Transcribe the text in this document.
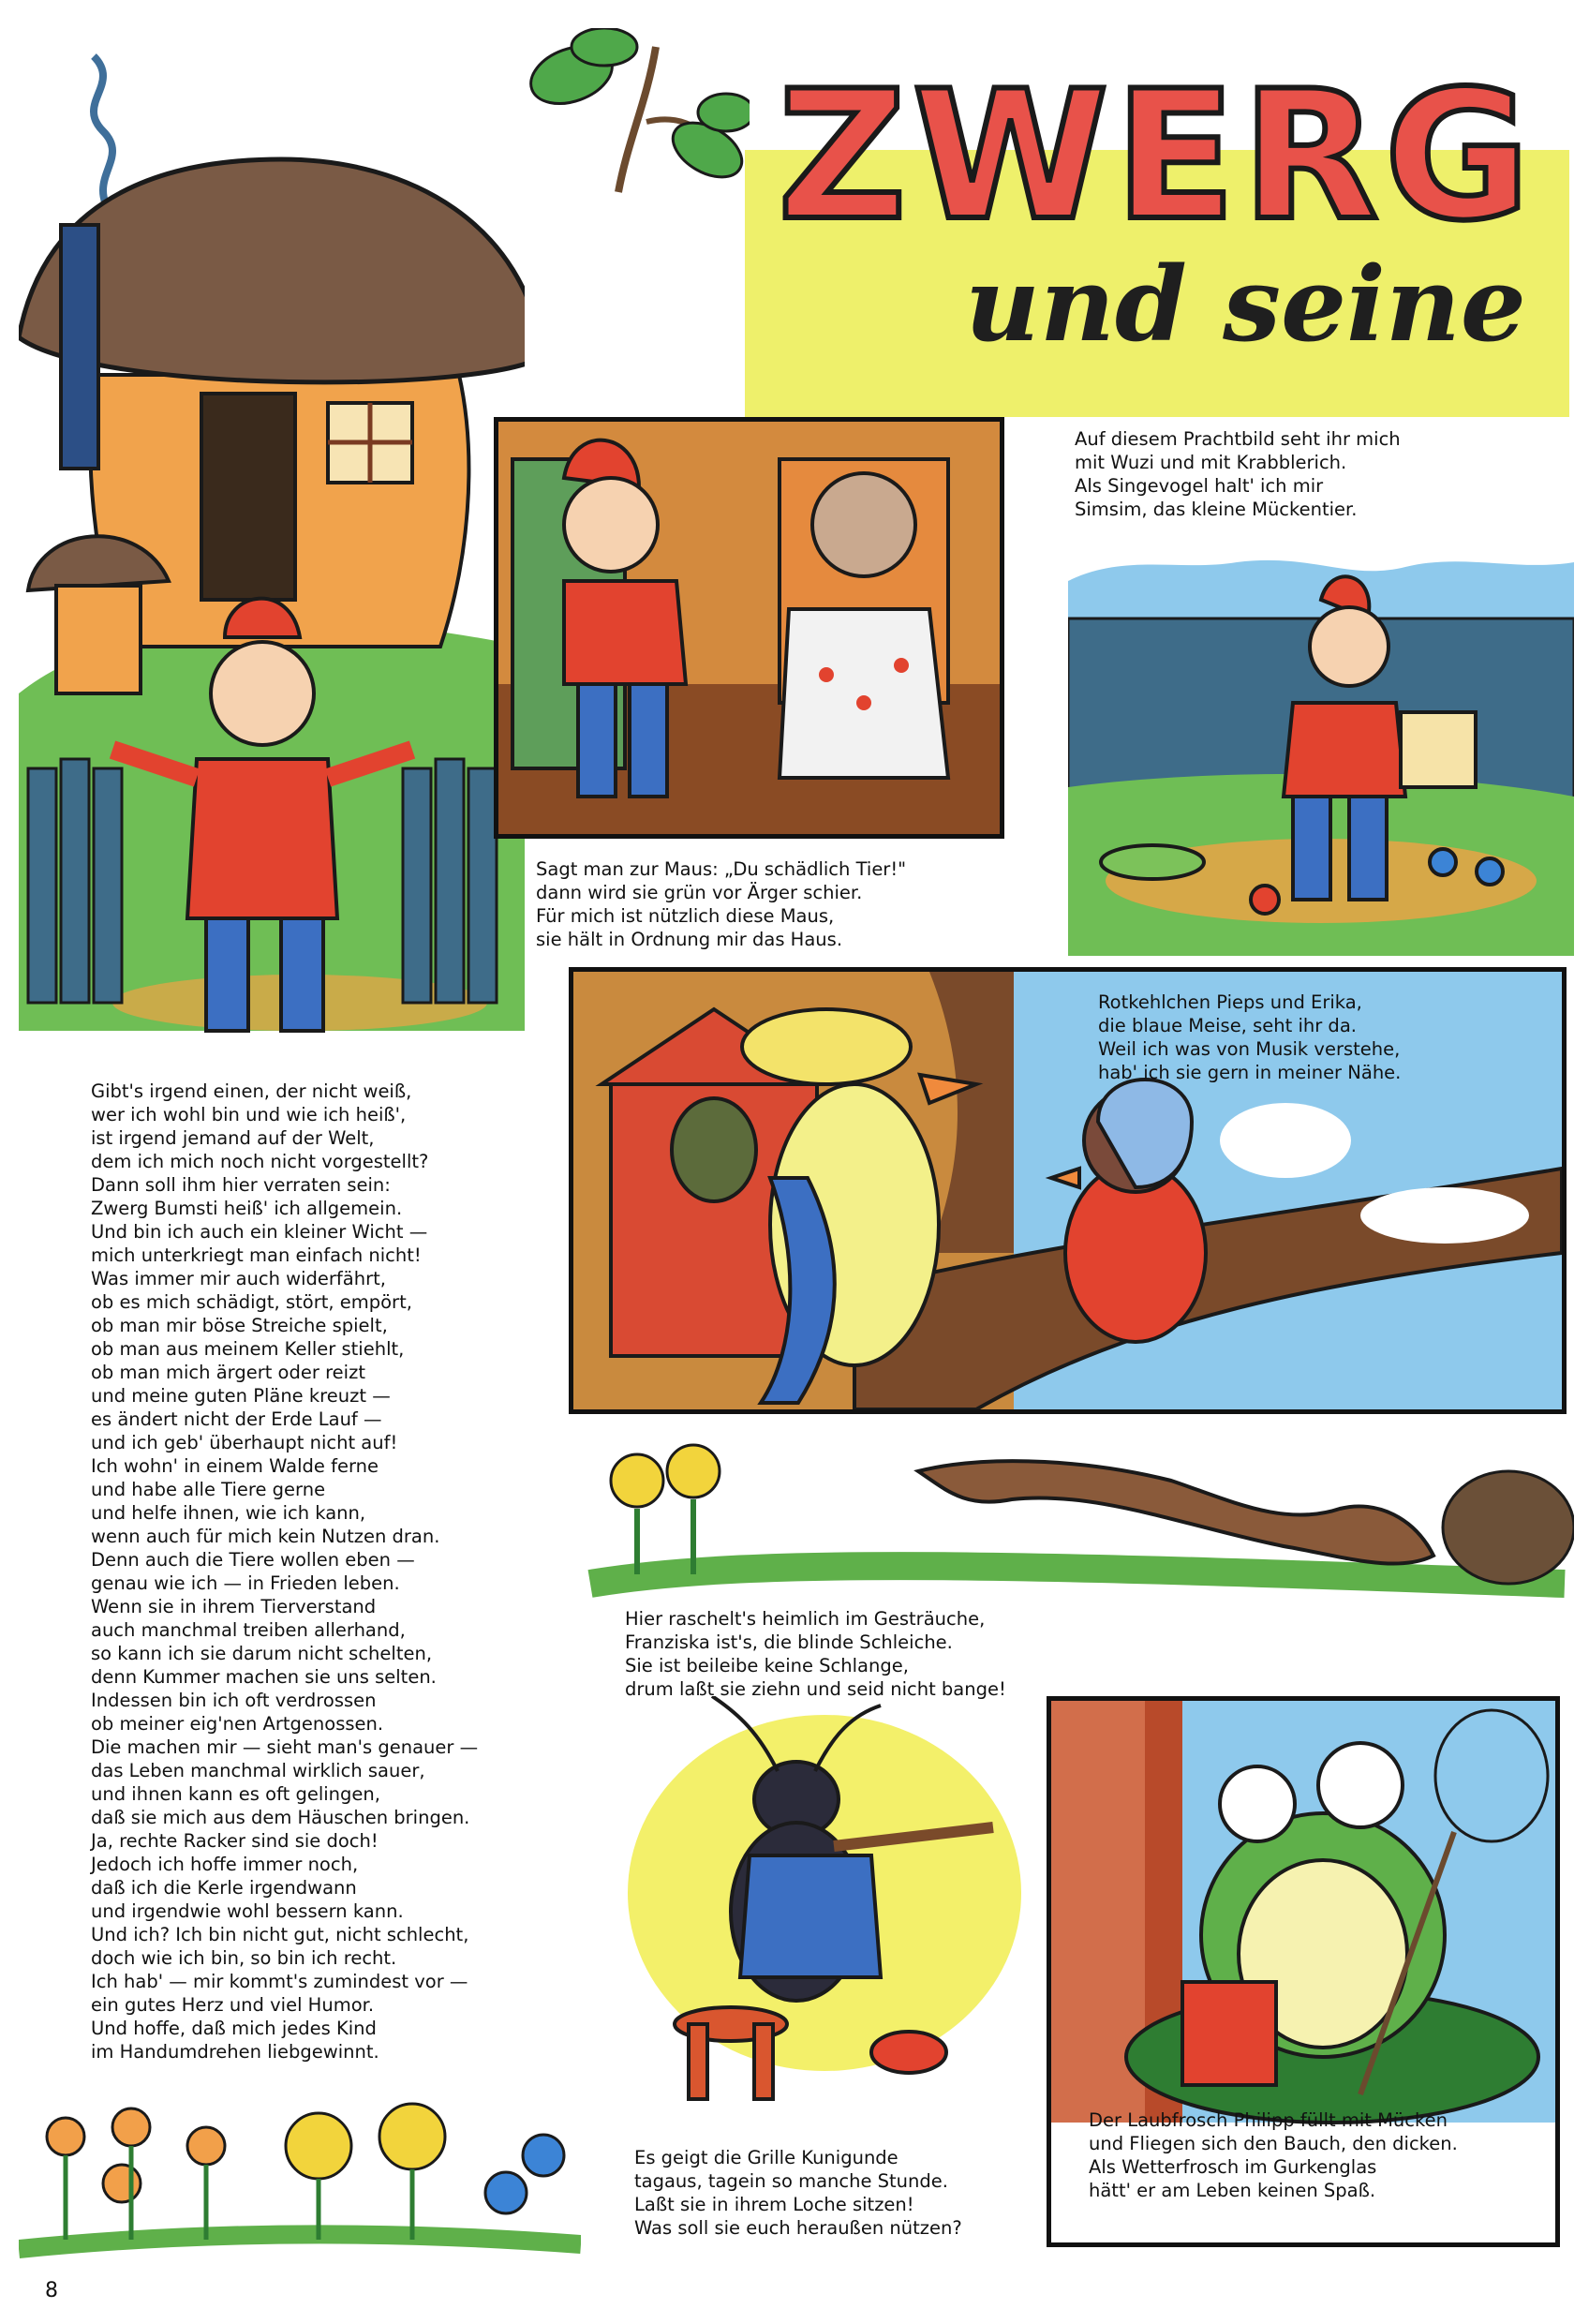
ZWERG
und seine
Sagt man zur Maus: „Du schädlich Tier!"
dann wird sie grün vor Ärger schier.
Für mich ist nützlich diese Maus,
sie hält in Ordnung mir das Haus.
Auf diesem Prachtbild seht ihr mich
mit Wuzi und mit Krabblerich.
Als Singevogel halt' ich mir
Simsim, das kleine Mückentier.
Rotkehlchen Pieps und Erika,
die blaue Meise, seht ihr da.
Weil ich was von Musik verstehe,
hab' ich sie gern in meiner Nähe.
Hier raschelt's heimlich im Gesträuche,
Franziska ist's, die blinde Schleiche.
Sie ist beileibe keine Schlange,
drum laßt sie ziehn und seid nicht bange!
Es geigt die Grille Kunigunde
tagaus, tagein so manche Stunde.
Laßt sie in ihrem Loche sitzen!
Was soll sie euch heraußen nützen?
Der Laubfrosch Philipp füllt mit Mücken
und Fliegen sich den Bauch, den dicken.
Als Wetterfrosch im Gurkenglas
hätt' er am Leben keinen Spaß.
Gibt's irgend einen, der nicht weiß,
wer ich wohl bin und wie ich heiß',
ist irgend jemand auf der Welt,
dem ich mich noch nicht vorgestellt?
Dann soll ihm hier verraten sein:
Zwerg Bumsti heiß' ich allgemein.
Und bin ich auch ein kleiner Wicht —
mich unterkriegt man einfach nicht!
Was immer mir auch widerfährt,
ob es mich schädigt, stört, empört,
ob man mir böse Streiche spielt,
ob man aus meinem Keller stiehlt,
ob man mich ärgert oder reizt
und meine guten Pläne kreuzt —
es ändert nicht der Erde Lauf —
und ich geb' überhaupt nicht auf!
Ich wohn' in einem Walde ferne
und habe alle Tiere gerne
und helfe ihnen, wie ich kann,
wenn auch für mich kein Nutzen dran.
Denn auch die Tiere wollen eben —
genau wie ich — in Frieden leben.
Wenn sie in ihrem Tierverstand
auch manchmal treiben allerhand,
so kann ich sie darum nicht schelten,
denn Kummer machen sie uns selten.
Indessen bin ich oft verdrossen
ob meiner eig'nen Artgenossen.
Die machen mir — sieht man's genauer —
das Leben manchmal wirklich sauer,
und ihnen kann es oft gelingen,
daß sie mich aus dem Häuschen bringen.
Ja, rechte Racker sind sie doch!
Jedoch ich hoffe immer noch,
daß ich die Kerle irgendwann
und irgendwie wohl bessern kann.
Und ich? Ich bin nicht gut, nicht schlecht,
doch wie ich bin, so bin ich recht.
Ich hab' — mir kommt's zumindest vor —
ein gutes Herz und viel Humor.
Und hoffe, daß mich jedes Kind
im Handumdrehen liebgewinnt.
8
